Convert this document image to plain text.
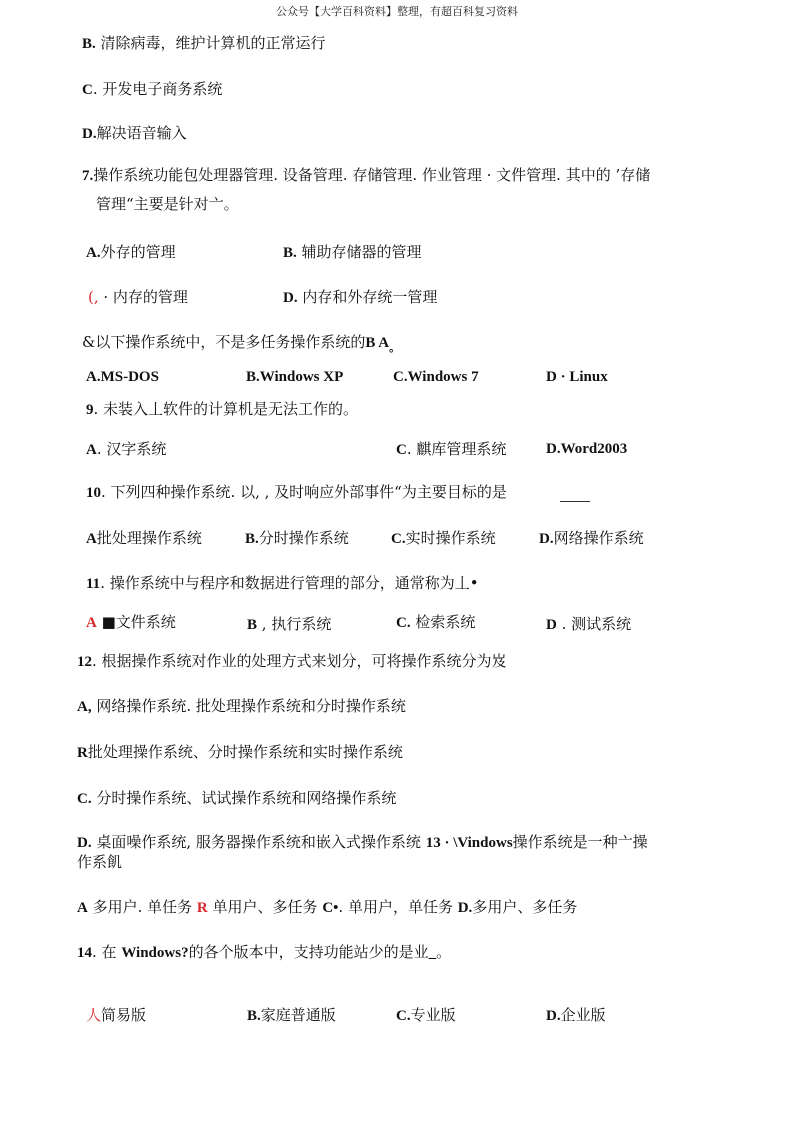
公众号【大学百科资料】整理，有超百科复习资料
B. 清除病毒，维护计算机的正常运行
C. 开发电子商务系统
D.解决语音输入
7.操作系统功能包处理器管理. 设备管理. 存储管理. 作业管理 · 文件管理. 其中的 ’存储
管理“主要是针对亠。
A.外存的管理	B. 辅助存储器的管理
(, · 内存的管理	D. 内存和外存统一管理
&以下操作系统中，不是多任务操作系统的B $A_。$
A.MS-DOS	B.Windows XP	C.Windows 7	D · Linux
9. 未装入丄软件的计算机是无法工作的。
A. 汉字系统	C. 麒库管理系统	D.Word2003
10. 下列四种操作系统. 以, , 及时响应外部事件“为主要目标的是
A批处理操作系统	B.分时操作系统	C.实时操作系统	D.网络操作系统
11. 操作系统中与程序和数据进行管理的部分，通常称为丄•
A ■文件系统	B , 执行系统	C. 检索系统	D . 测试系统
12. 根据操作系统对作业的处理方式来划分，可将操作系统分为岌
A, 网络操作系统. 批处理操作系统和分时操作系统
R批处理操作系统、分时操作系统和实时操作系统
C. 分时操作系统、试试操作系统和网络操作系统
D. 桌面噪作系统, 服务器操作系统和嵌入式操作系统 13 · \Vindows操作系统是一种亠操
作系飢
A 多用户. 单任务 R 单用户、多任务 C•. 单用户，单任务 D.多用户、多任务
14. 在 Windows?的各个版本中，支持功能站少的是业_。
人简易版	B.家庭普通版	C.专业版	D.企业版
